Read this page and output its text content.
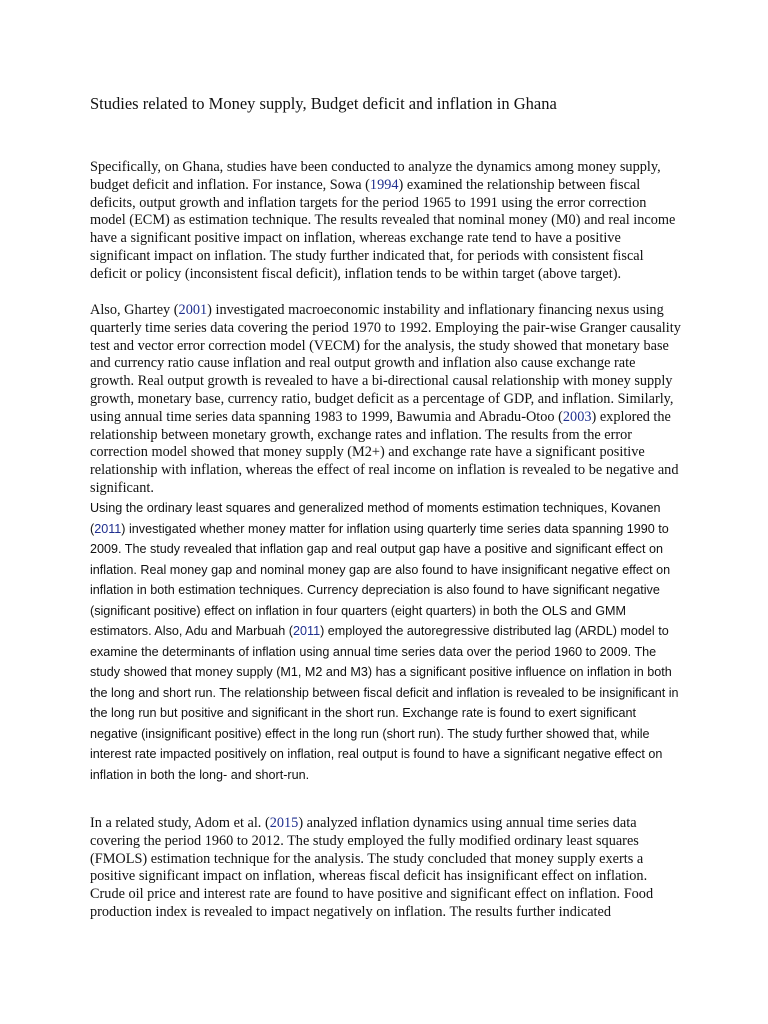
Studies related to Money supply, Budget deficit and inflation in Ghana

Specifically, on Ghana, studies have been conducted to analyze the dynamics among money supply, budget deficit and inflation. For instance, Sowa (1994) examined the relationship between fiscal deficits, output growth and inflation targets for the period 1965 to 1991 using the error correction model (ECM) as estimation technique. The results revealed that nominal money (M0) and real income have a significant positive impact on inflation, whereas exchange rate tend to have a positive significant impact on inflation. The study further indicated that, for periods with consistent fiscal deficit or policy (inconsistent fiscal deficit), inflation tends to be within target (above target).

Also, Ghartey (2001) investigated macroeconomic instability and inflationary financing nexus using quarterly time series data covering the period 1970 to 1992. Employing the pair-wise Granger causality test and vector error correction model (VECM) for the analysis, the study showed that monetary base and currency ratio cause inflation and real output growth and inflation also cause exchange rate growth. Real output growth is revealed to have a bi-directional causal relationship with money supply growth, monetary base, currency ratio, budget deficit as a percentage of GDP, and inflation. Similarly, using annual time series data spanning 1983 to 1999, Bawumia and Abradu-Otoo (2003) explored the relationship between monetary growth, exchange rates and inflation. The results from the error correction model showed that money supply (M2+) and exchange rate have a significant positive relationship with inflation, whereas the effect of real income on inflation is revealed to be negative and significant.

Using the ordinary least squares and generalized method of moments estimation techniques, Kovanen (2011) investigated whether money matter for inflation using quarterly time series data spanning 1990 to 2009. The study revealed that inflation gap and real output gap have a positive and significant effect on inflation. Real money gap and nominal money gap are also found to have insignificant negative effect on inflation in both estimation techniques. Currency depreciation is also found to have significant negative (significant positive) effect on inflation in four quarters (eight quarters) in both the OLS and GMM estimators. Also, Adu and Marbuah (2011) employed the autoregressive distributed lag (ARDL) model to examine the determinants of inflation using annual time series data over the period 1960 to 2009. The study showed that money supply (M1, M2 and M3) has a significant positive influence on inflation in both the long and short run. The relationship between fiscal deficit and inflation is revealed to be insignificant in the long run but positive and significant in the short run. Exchange rate is found to exert significant negative (insignificant positive) effect in the long run (short run). The study further showed that, while interest rate impacted positively on inflation, real output is found to have a significant negative effect on inflation in both the long- and short-run.

In a related study, Adom et al. (2015) analyzed inflation dynamics using annual time series data covering the period 1960 to 2012. The study employed the fully modified ordinary least squares (FMOLS) estimation technique for the analysis. The study concluded that money supply exerts a positive significant impact on inflation, whereas fiscal deficit has insignificant effect on inflation. Crude oil price and interest rate are found to have positive and significant effect on inflation. Food production index is revealed to impact negatively on inflation. The results further indicated
